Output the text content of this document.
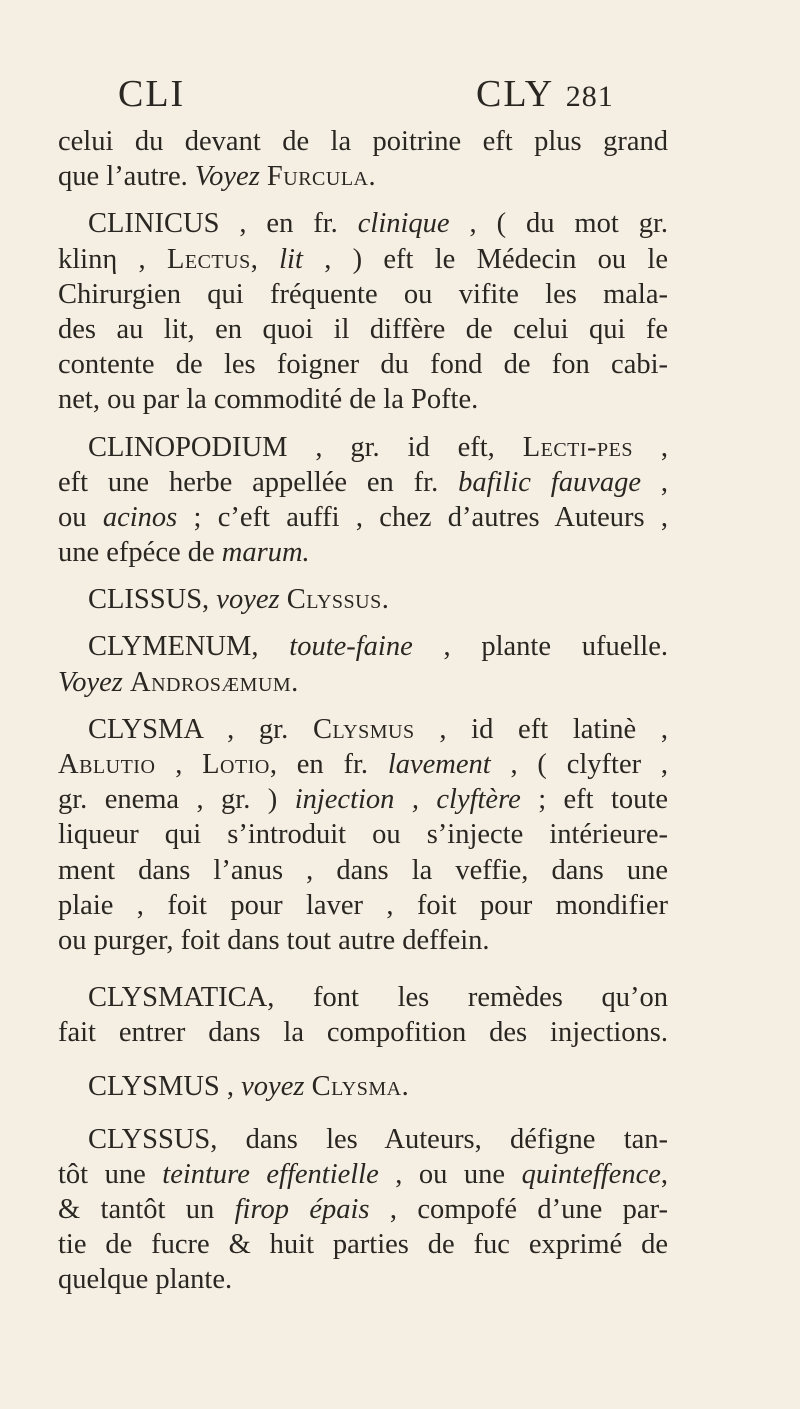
CLI	CLY 281
celui du devant de la poitrine eft plus grand
que l’autre. Voyez Furcula.
CLINICUS , en fr. clinique , ( du mot gr.
klinη , Lectus, lit , ) eft le Médecin ou le
Chirurgien qui fréquente ou vifite les mala-
des au lit, en quoi il diffère de celui qui fe
contente de les foigner du fond de fon cabi-
net, ou par la commodité de la Pofte.
CLINOPODIUM , gr. id eft, Lecti-pes ,
eft une herbe appellée en fr. bafilic fauvage ,
ou acinos ; c’eft auffi , chez d’autres Auteurs ,
une efpéce de marum.
CLISSUS, voyez Clyssus.
CLYMENUM, toute-faine , plante ufuelle.
Voyez Androsæmum.
CLYSMA , gr. Clysmus , id eft latinè ,
Ablutio , Lotio, en fr. lavement , ( clyfter ,
gr. enema , gr. ) injection , clyftère ; eft toute
liqueur qui s’introduit ou s’injecte intérieure-
ment dans l’anus , dans la veffie, dans une
plaie , foit pour laver , foit pour mondifier
ou purger, foit dans tout autre deffein.
CLYSMATICA, font les remèdes qu’on
fait entrer dans la compofition des injections.
CLYSMUS , voyez Clysma.
CLYSSUS, dans les Auteurs, défigne tan-
tôt une teinture effentielle , ou une quinteffence,
& tantôt un firop épais , compofé d’une par-
tie de fucre & huit parties de fuc exprimé de
quelque plante.
